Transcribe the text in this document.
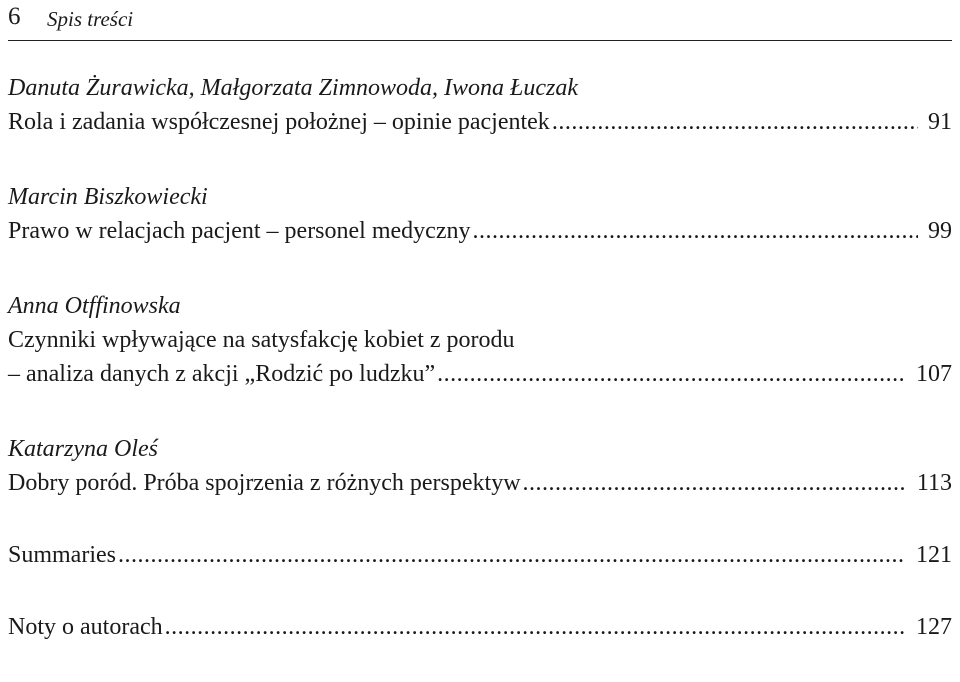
6 Spis treści
Danuta Żurawicka, Małgorzata Zimnowoda, Iwona Łuczak
Rola i zadania współczesnej położnej – opinie pacjentek .....	91
Marcin Biszkowiecki
Prawo w relacjach pacjent – personel medyczny .....	99
Anna Otffinowska
Czynniki wpływające na satysfakcję kobiet z porodu
– analiza danych z akcji „Rodzić po ludzku” .....	107
Katarzyna Oleś
Dobry poród. Próba spojrzenia z różnych perspektyw .....	113
Summaries .....	121
Noty o autorach .....	127
